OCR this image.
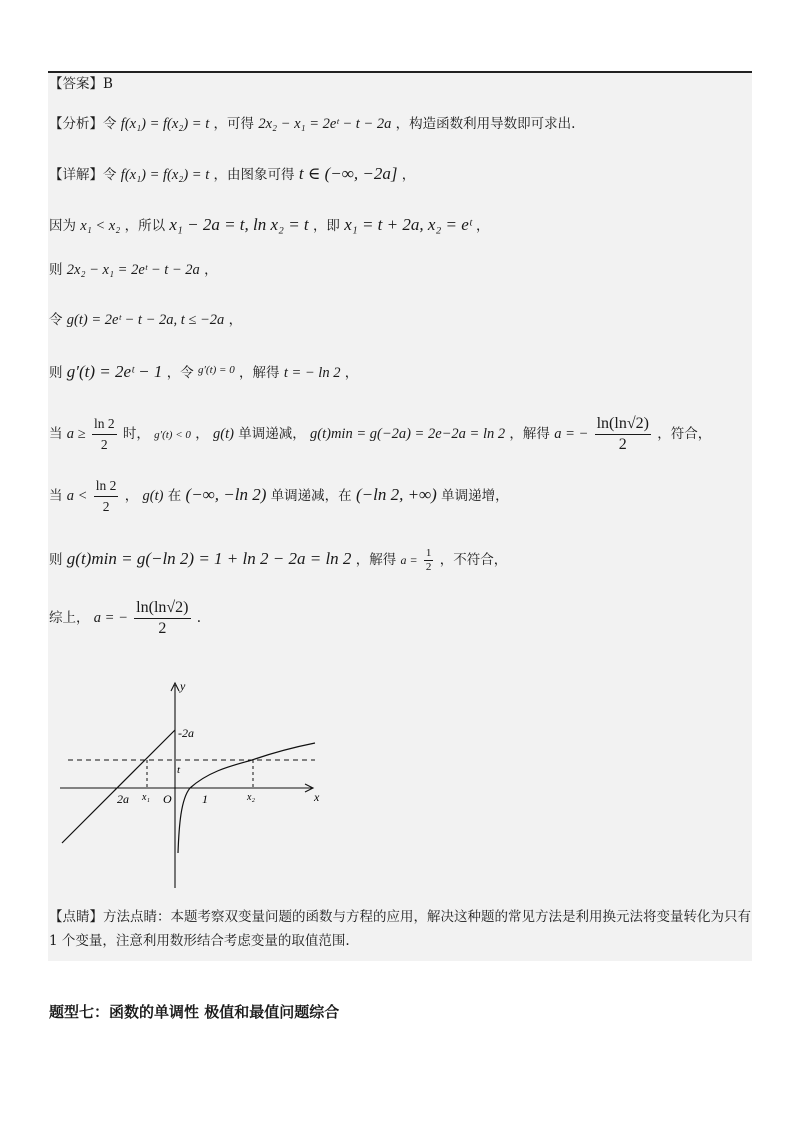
【答案】B
【分析】令 f(x₁) = f(x₂) = t ，可得 2x₂ − x₁ = 2eᵗ − t − 2a ，构造函数利用导数即可求出.
【详解】令 f(x₁) = f(x₂) = t ，由图象可得 t ∈ (−∞, −2a] ，
因为 x₁ < x₂ ，所以 x₁ − 2a = t, ln x₂ = t ，即 x₁ = t + 2a, x₂ = eᵗ ，
则 2x₂ − x₁ = 2eᵗ − t − 2a ，
令 g(t) = 2eᵗ − t − 2a, t ≤ −2a ，
则 g′(t) = 2eᵗ − 1 ，令 $^{g'(t) = 0}$ ，解得 t = − ln 2 ，
当 $a \ge \frac{\ln 2}{2}$ 时， g′(t) < 0 ， g(t) 单调递减， g(t)min = g(−2a) = 2e−2a = ln 2 ，解得 a = − $\frac{\ln(\ln√2)}{2}$ ，符合，
当 $a < \frac{\ln 2}{2}$ ， g(t) 在 (−∞, −ln 2) 单调递减，在 (−ln 2, +∞) 单调递增，
则 g(t)min = g(−ln 2) = 1 + ln 2 − 2a = ln 2 ，解得 $a = \frac{1}{2}$ ，不符合，
综上， a = − $\frac{\ln(\ln√2)}{2}$ .
y
x
-2a
t
2a x₁ O	1	x₂
【点睛】方法点睛：本题考察双变量问题的函数与方程的应用，解决这种题的常见方法是利用换元法将变量转化为只有 1 个变量，注意利用数形结合考虑变量的取值范围.
题型七：函数的单调性 极值和最值问题综合
